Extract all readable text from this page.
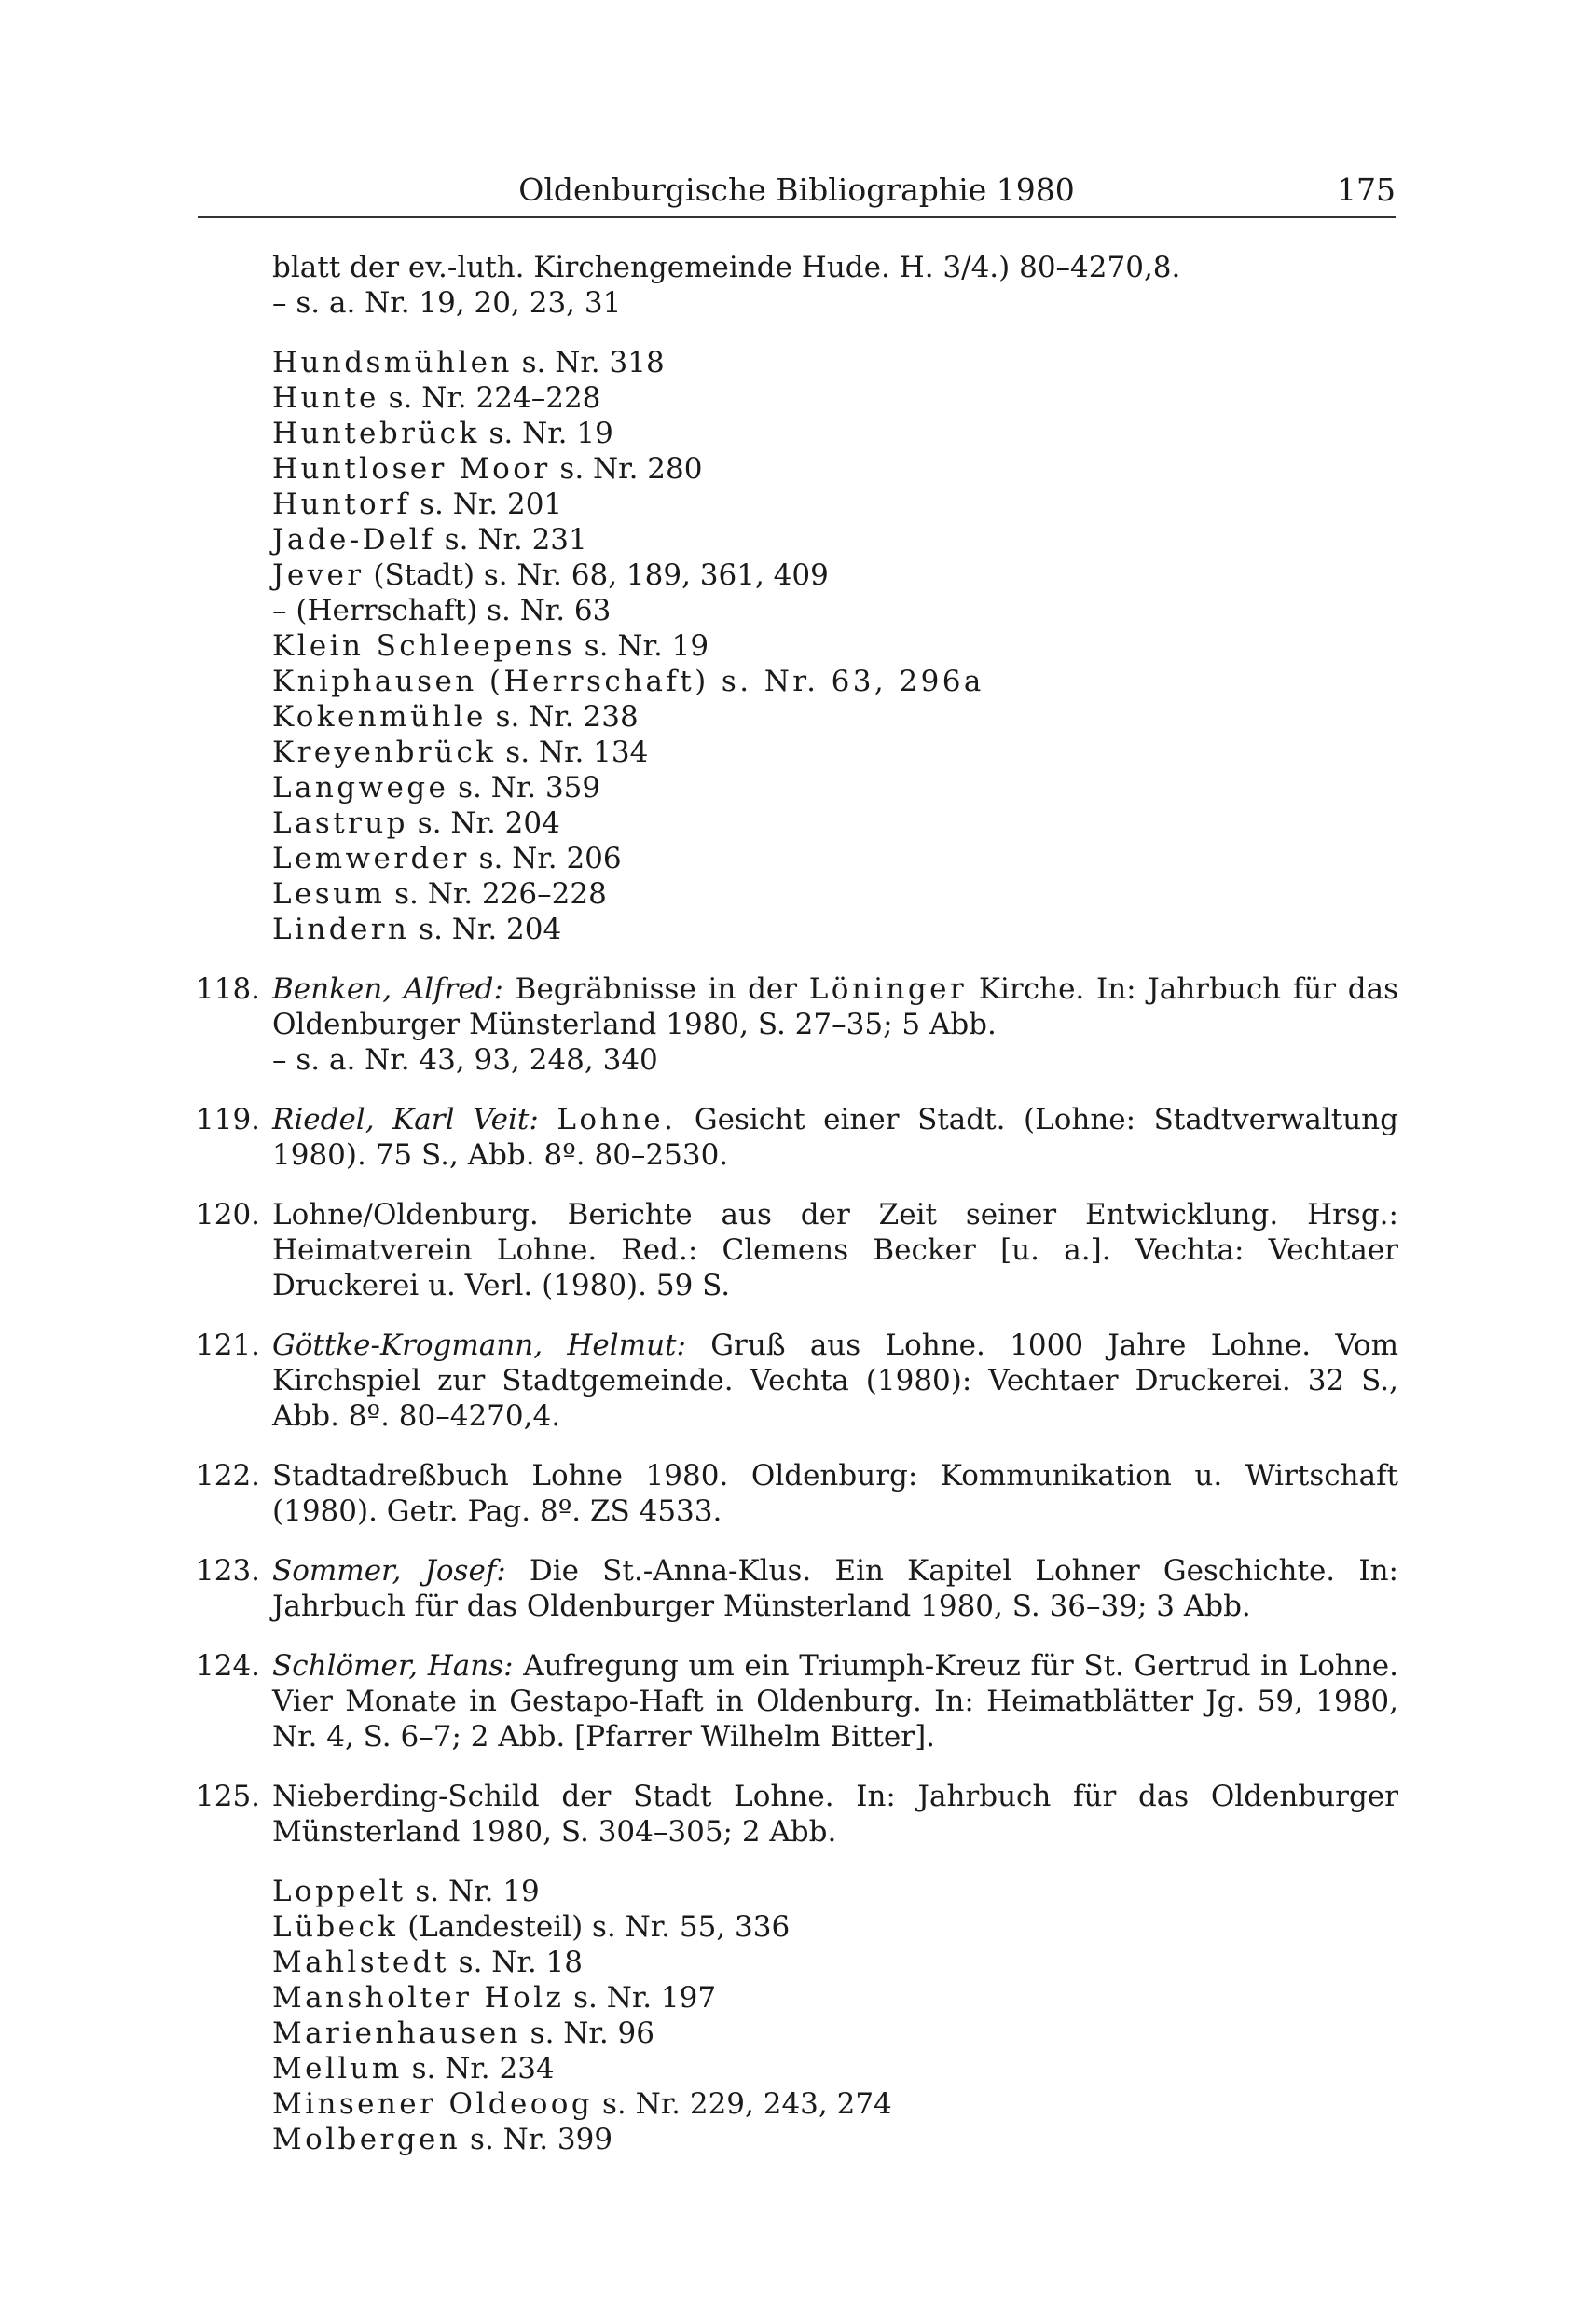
Oldenburgische Bibliographie 1980	175
blatt der ev.-luth. Kirchengemeinde Hude. H. 3/4.) 80–4270,8.
– s. a. Nr. 19, 20, 23, 31
Hundsmühlen s. Nr. 318
Hunte s. Nr. 224–228
Huntebrück s. Nr. 19
Huntloser Moor s. Nr. 280
Huntorf s. Nr. 201
Jade-Delf s. Nr. 231
Jever (Stadt) s. Nr. 68, 189, 361, 409
– (Herrschaft) s. Nr. 63
Klein Schleepens s. Nr. 19
Kniphausen (Herrschaft) s. Nr. 63, 296a
Kokenmühle s. Nr. 238
Kreyenbrück s. Nr. 134
Langwege s. Nr. 359
Lastrup s. Nr. 204
Lemwerder s. Nr. 206
Lesum s. Nr. 226–228
Lindern s. Nr. 204
118. Benken, Alfred: Begräbnisse in der Löninger Kirche. In: Jahrbuch für das Oldenburger Münsterland 1980, S. 27–35; 5 Abb.
– s. a. Nr. 43, 93, 248, 340
119. Riedel, Karl Veit: Lohne. Gesicht einer Stadt. (Lohne: Stadtverwaltung 1980). 75 S., Abb. 8º. 80–2530.
120. Lohne/Oldenburg. Berichte aus der Zeit seiner Entwicklung. Hrsg.: Heimatverein Lohne. Red.: Clemens Becker [u. a.]. Vechta: Vechtaer Druckerei u. Verl. (1980). 59 S.
121. Göttke-Krogmann, Helmut: Gruß aus Lohne. 1000 Jahre Lohne. Vom Kirchspiel zur Stadtgemeinde. Vechta (1980): Vechtaer Druckerei. 32 S., Abb. 8º. 80–4270,4.
122. Stadtadreßbuch Lohne 1980. Oldenburg: Kommunikation u. Wirtschaft (1980). Getr. Pag. 8º. ZS 4533.
123. Sommer, Josef: Die St.-Anna-Klus. Ein Kapitel Lohner Geschichte. In: Jahrbuch für das Oldenburger Münsterland 1980, S. 36–39; 3 Abb.
124. Schlömer, Hans: Aufregung um ein Triumph-Kreuz für St. Gertrud in Lohne. Vier Monate in Gestapo-Haft in Oldenburg. In: Heimatblätter Jg. 59, 1980, Nr. 4, S. 6–7; 2 Abb. [Pfarrer Wilhelm Bitter].
125. Nieberding-Schild der Stadt Lohne. In: Jahrbuch für das Oldenburger Münsterland 1980, S. 304–305; 2 Abb.
Loppelt s. Nr. 19
Lübeck (Landesteil) s. Nr. 55, 336
Mahlstedt s. Nr. 18
Mansholter Holz s. Nr. 197
Marienhausen s. Nr. 96
Mellum s. Nr. 234
Minsener Oldeoog s. Nr. 229, 243, 274
Molbergen s. Nr. 399
